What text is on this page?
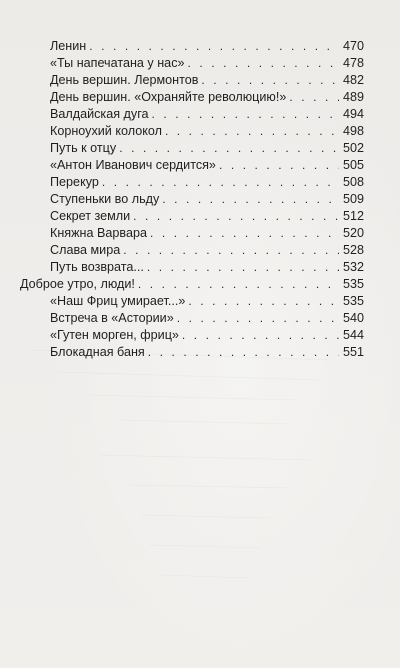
Ленин . . .	470
«Ты напечатана у нас» . . .	478
День вершин. Лермонтов . . .	482
День вершин. «Охраняйте революцию!» . . .	489
Валдайская дуга . . .	494
Корноухий колокол . . .	498
Путь к отцу . . .	502
«Антон Иванович сердится» . . .	505
Перекур . . .	508
Ступеньки во льду . . .	509
Секрет земли . . .	512
Княжна Варвара . . .	520
Слава мира . . .	528
Путь возврата... . . .	532
Доброе утро, люди! . . .	535
«Наш Фриц умирает...» . . .	535
Встреча в «Астории» . . .	540
«Гутен морген, фриц» . . .	544
Блокадная баня . . .	551
